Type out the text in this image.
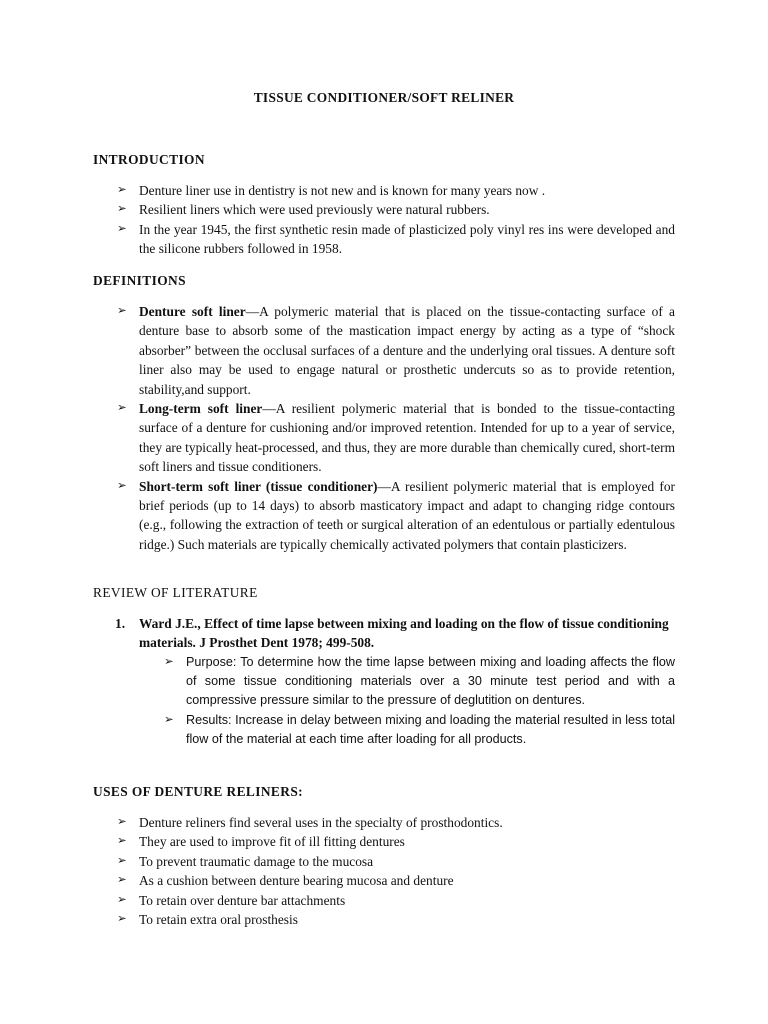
TISSUE CONDITIONER/SOFT RELINER
INTRODUCTION
➢ Denture liner use in dentistry is not new and is known for many years now .
➢ Resilient liners which were used previously were natural rubbers.
➢ In the year 1945, the first synthetic resin made of plasticized poly vinyl res ins were developed and the silicone rubbers followed in 1958.
DEFINITIONS
➢ Denture soft liner—A polymeric material that is placed on the tissue-contacting surface of a denture base to absorb some of the mastication impact energy by acting as a type of “shock absorber” between the occlusal surfaces of a denture and the underlying oral tissues. A denture soft liner also may be used to engage natural or prosthetic undercuts so as to provide retention, stability,and support.
➢ Long-term soft liner—A resilient polymeric material that is bonded to the tissue-contacting surface of a denture for cushioning and/or improved retention. Intended for up to a year of service, they are typically heat-processed, and thus, they are more durable than chemically cured, short-term soft liners and tissue conditioners.
➢ Short-term soft liner (tissue conditioner)—A resilient polymeric material that is employed for brief periods (up to 14 days) to absorb masticatory impact and adapt to changing ridge contours (e.g., following the extraction of teeth or surgical alteration of an edentulous or partially edentulous ridge.) Such materials are typically chemically activated polymers that contain plasticizers.
REVIEW OF LITERATURE
1. Ward J.E., Effect of time lapse between mixing and loading on the flow of tissue conditioning materials. J Prosthet Dent 1978; 499-508.
➢ Purpose: To determine how the time lapse between mixing and loading affects the flow of some tissue conditioning materials over a 30 minute test period and with a compressive pressure similar to the pressure of deglutition on dentures.
➢ Results: Increase in delay between mixing and loading the material resulted in less total flow of the material at each time after loading for all products.
USES OF DENTURE RELINERS:
➢ Denture reliners find several uses in the specialty of prosthodontics.
➢ They are used to improve fit of ill fitting dentures
➢ To prevent traumatic damage to the mucosa
➢ As a cushion between denture bearing mucosa and denture
➢ To retain over denture bar attachments
➢ To retain extra oral prosthesis
